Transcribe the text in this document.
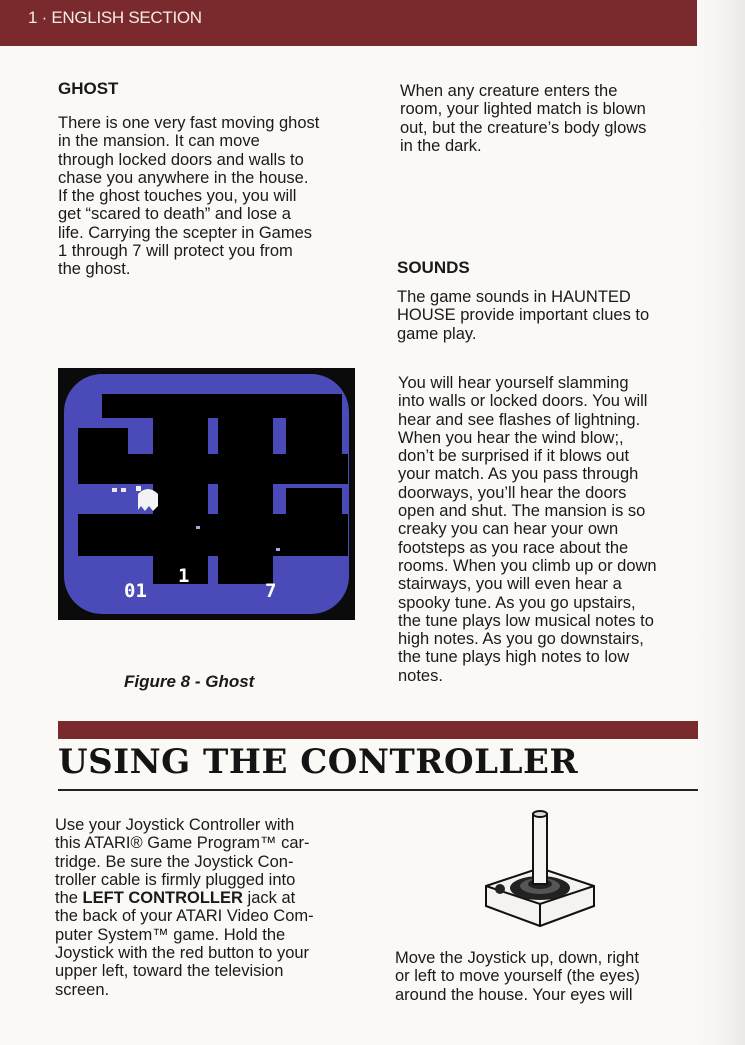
1 · ENGLISH SECTION
GHOST

There is one very fast moving ghost
in the mansion. It can move
through locked doors and walls to
chase you anywhere in the house.
If the ghost touches you, you will
get “scared to death” and lose a
life. Carrying the scepter in Games
1 through 7 will protect you from
the ghost.

When any creature enters the
room, your lighted match is blown
out, but the creature’s body glows
in the dark.

SOUNDS

The game sounds in HAUNTED
HOUSE provide important clues to
game play.

You will hear yourself slamming
into walls or locked doors. You will
hear and see flashes of lightning.
When you hear the wind blow;,
don’t be surprised if it blows out
your match. As you pass through
doorways, you’ll hear the doors
open and shut. The mansion is so
creaky you can hear your own
footsteps as you race about the
rooms. When you climb up or down
stairways, you will even hear a
spooky tune. As you go upstairs,
the tune plays low musical notes to
high notes. As you go downstairs,
the tune plays high notes to low
notes.

01
1
7
Figure 8 - Ghost
USING THE CONTROLLER

Use your Joystick Controller with
this ATARI® Game Program™ car-
tridge. Be sure the Joystick Con-
troller cable is firmly plugged into
the LEFT CONTROLLER jack at
the back of your ATARI Video Com-
puter System™ game. Hold the
Joystick with the red button to your
upper left, toward the television
screen.

Move the Joystick up, down, right
or left to move yourself (the eyes)
around the house. Your eyes will
